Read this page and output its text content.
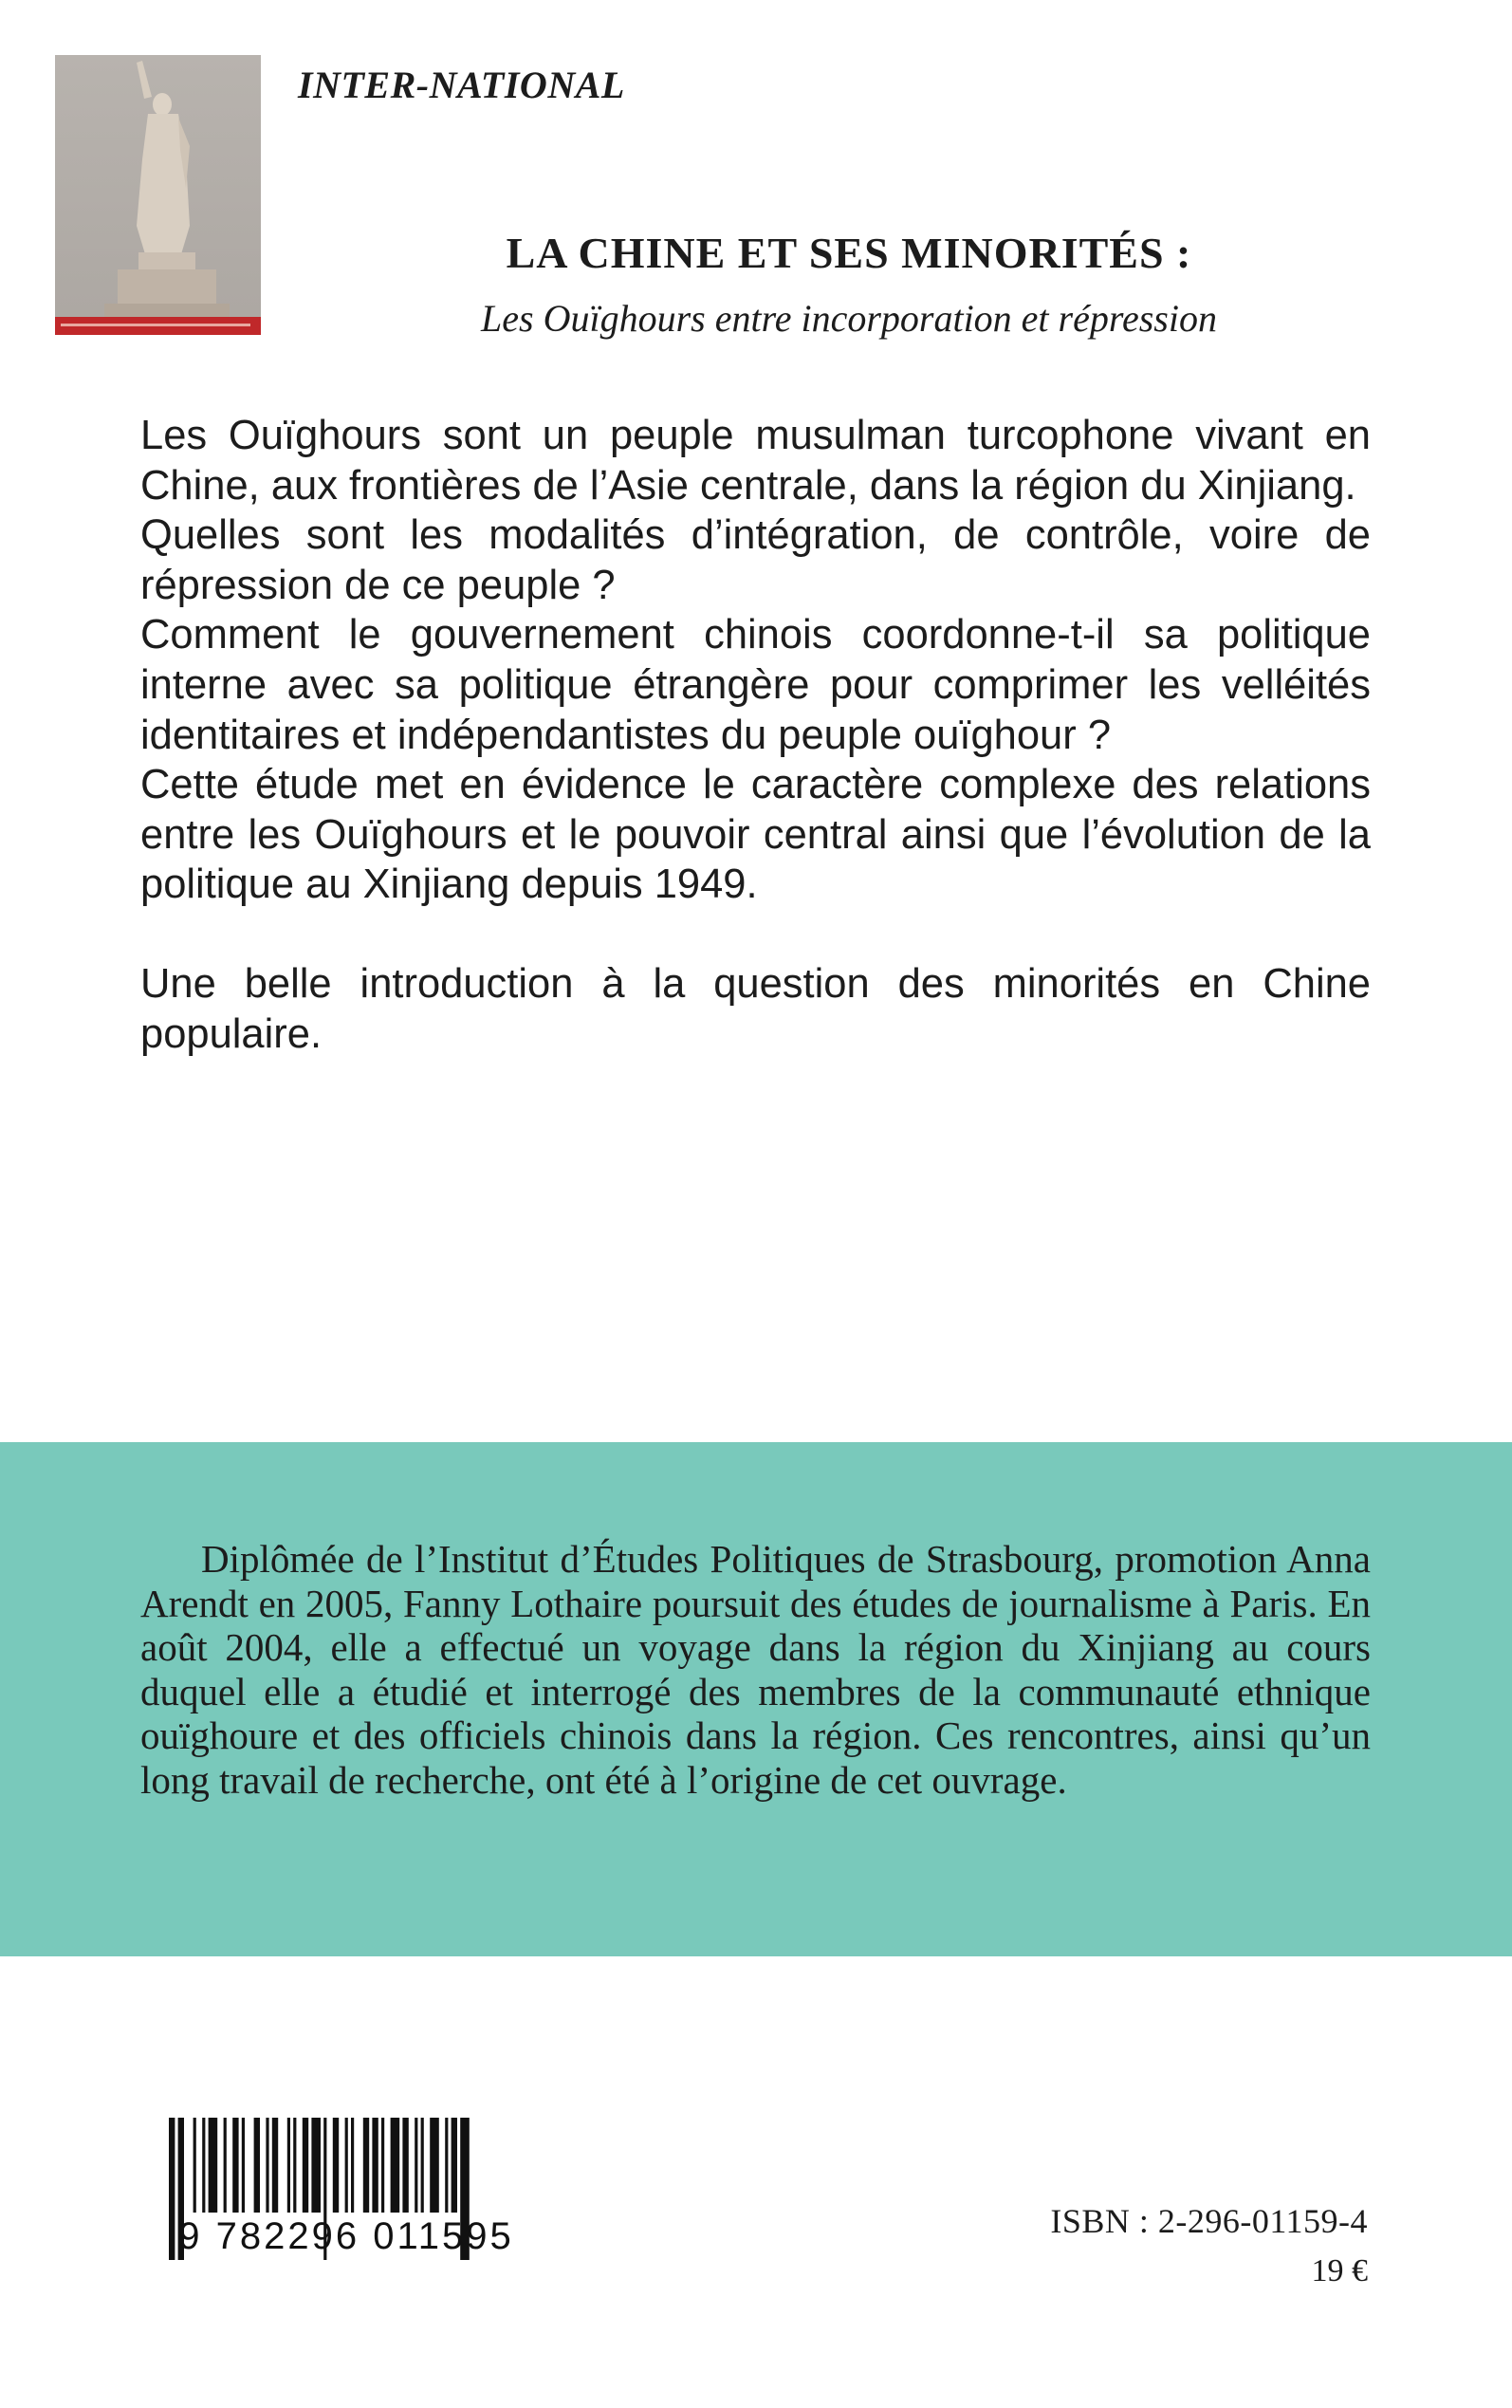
INTER-NATIONAL
LA CHINE ET SES MINORITÉS :
Les Ouïghours entre incorporation et répression

Les Ouïghours sont un peuple musulman turcophone vivant en Chine, aux frontières de l’Asie centrale, dans la région du Xinjiang.

Quelles sont les modalités d’intégration, de contrôle, voire de répression de ce peuple ?

Comment le gouvernement chinois coordonne-t-il sa politique interne avec sa politique étrangère pour comprimer les velléités identitaires et indépendantistes du peuple ouïghour ?

Cette étude met en évidence le caractère complexe des relations entre les Ouïghours et le pouvoir central ainsi que l’évolution de la politique au Xinjiang depuis 1949.

Une belle introduction à la question des minorités en Chine populaire.

Diplômée de l’Institut d’Études Politiques de Strasbourg, promotion Anna Arendt en 2005, Fanny Lothaire poursuit des études de journalisme à Paris. En août 2004, elle a effectué un voyage dans la région du Xinjiang au cours duquel elle a étudié et interrogé des membres de la communauté ethnique ouïghoure et des officiels chinois dans la région. Ces rencontres, ainsi qu’un long travail de recherche, ont été à l’origine de cet ouvrage.

9 782296 011595	ISBN : 2-296-01159-4
19 €
